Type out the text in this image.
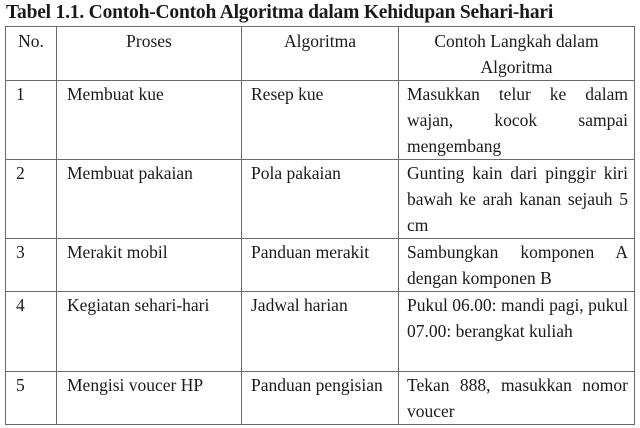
Tabel 1.1. Contoh-Contoh Algoritma dalam Kehidupan Sehari-hari
No.	Proses	Algoritma	Contoh Langkah dalam Algoritma
1	Membuat kue	Resep kue	Masukkan telur ke dalam wajan, kocok sampai mengembang
2	Membuat pakaian	Pola pakaian	Gunting kain dari pinggir kiri bawah ke arah kanan sejauh 5 cm
3	Merakit mobil	Panduan merakit	Sambungkan komponen A dengan komponen B
4	Kegiatan sehari-hari	Jadwal harian	Pukul 06.00: mandi pagi, pukul 07.00: berangkat kuliah
5	Mengisi voucer HP	Panduan pengisian	Tekan 888, masukkan nomor voucer
